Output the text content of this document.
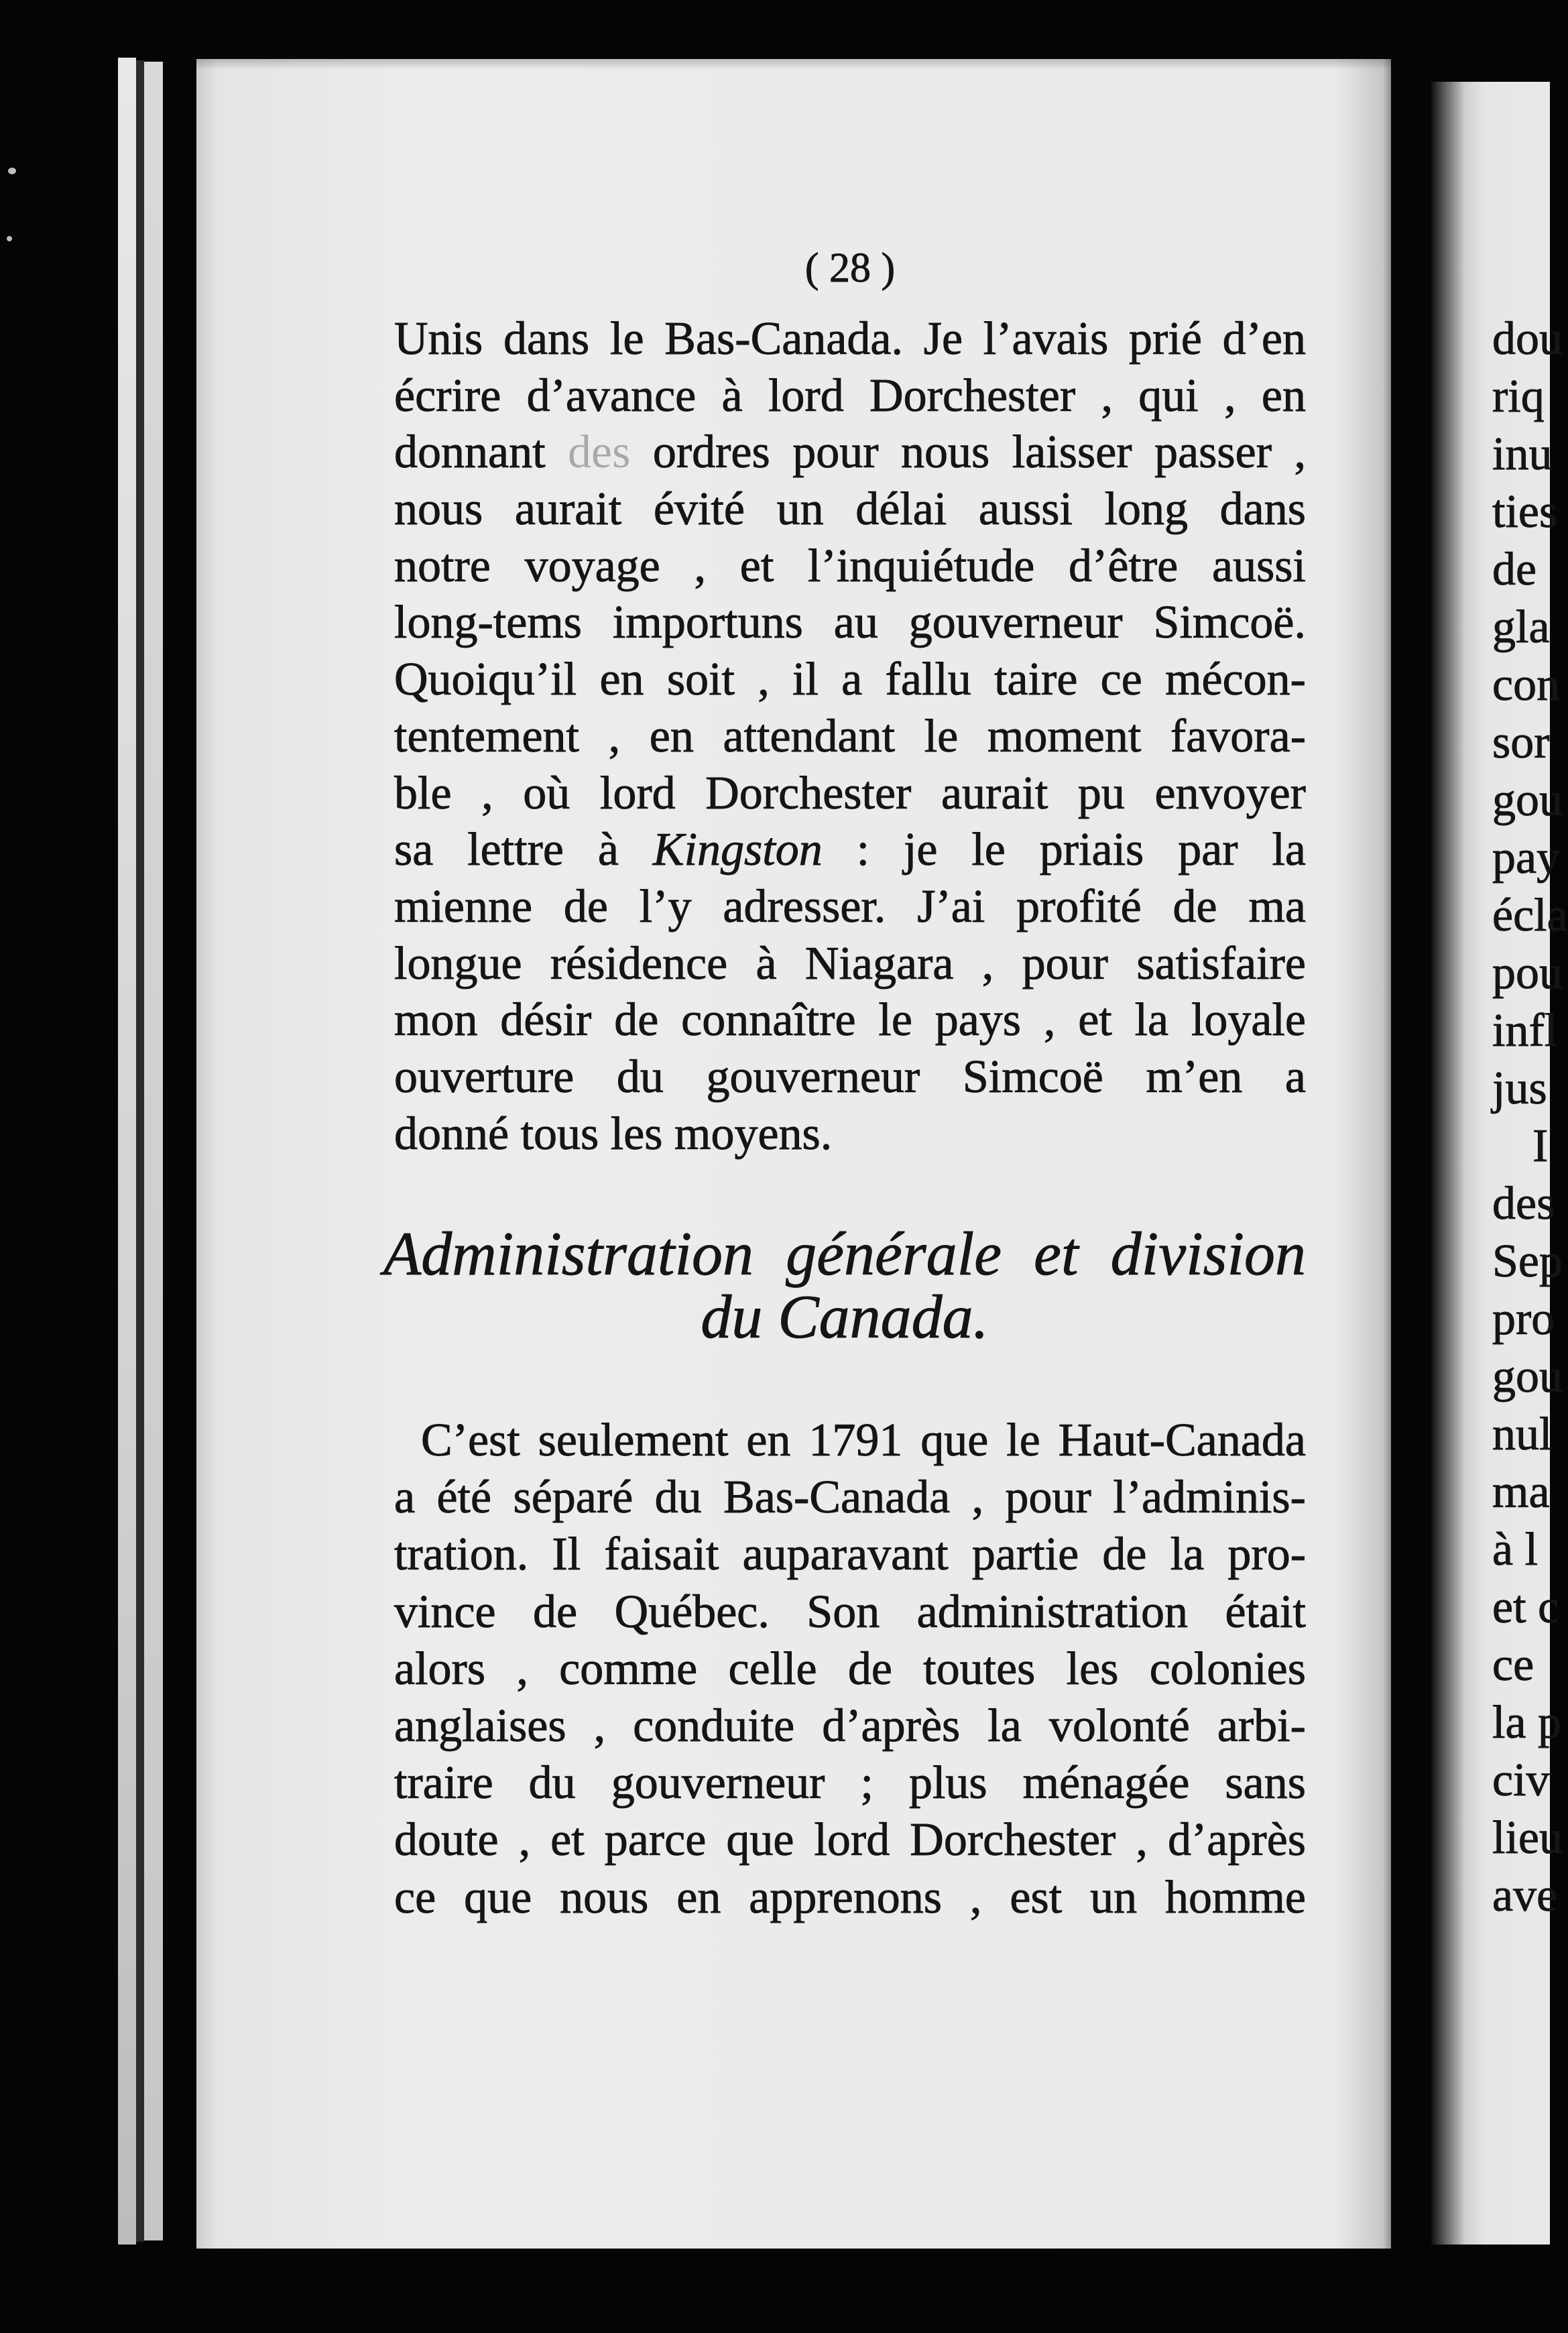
( 28 )
Unis dans le Bas-Canada. Je l’avais prié d’en
écrire d’avance à lord Dorchester , qui , en
donnant des ordres pour nous laisser passer ,
nous aurait évité un délai aussi long dans
notre voyage , et l’inquiétude d’être aussi
long-tems importuns au gouverneur Simcoë.
Quoiqu’il en soit , il a fallu taire ce mécon-
tentement , en attendant le moment favora-
ble , où lord Dorchester aurait pu envoyer
sa lettre à Kingston : je le priais par la
mienne de l’y adresser. J’ai profité de ma
longue résidence à Niagara , pour satisfaire
mon désir de connaître le pays , et la loyale
ouverture du gouverneur Simcoë m’en a
donné tous les moyens.
Administration générale et division
du Canada.
C’est seulement en 1791 que le Haut-Canada
a été séparé du Bas-Canada , pour l’adminis-
tration. Il faisait auparavant partie de la pro-
vince de Québec. Son administration était
alors , comme celle de toutes les colonies
anglaises , conduite d’après la volonté arbi-
traire du gouverneur ; plus ménagée sans
doute , et parce que lord Dorchester , d’après
ce que nous en apprenons , est un homme
dou
riq
inu
ties
de
gla
con
sor
gou
pay
écla
pou
infl
jus
I
des
Sep
pro
gou
nul
ma
à l
et c
ce
la p
civ
lieu
ave
